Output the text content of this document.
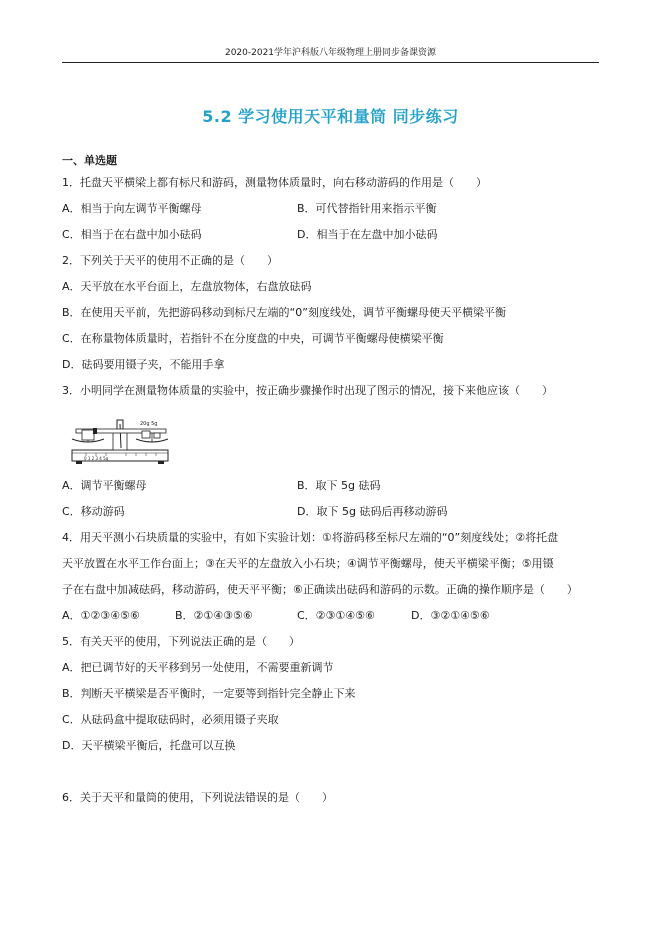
2020-2021学年沪科版八年级物理上册同步备课资源
5.2 学习使用天平和量筒 同步练习
一、单选题
1．托盘天平横梁上都有标尺和游码，测量物体质量时，向右移动游码的作用是（　　）
A．相当于向左调节平衡螺母	B．可代替指针用来指示平衡
C．相当于在右盘中加小砝码	D．相当于在左盘中加小砝码
2．下列关于天平的使用不正确的是（　　）
A．天平放在水平台面上，左盘放物体，右盘放砝码
B．在使用天平前，先把游码移动到标尺左端的“0”刻度线处，调节平衡螺母使天平横梁平衡
C．在称量物体质量时，若指针不在分度盘的中央，可调节平衡螺母使横梁平衡
D．砝码要用镊子夹，不能用手拿
3．小明同学在测量物体质量的实验中，按正确步骤操作时出现了图示的情况，接下来他应该（　　）
0 1 2 3 4 5g
20g 5g
A．调节平衡螺母	B．取下 5g 砝码
C．移动游码	D．取下 5g 砝码后再移动游码
4．用天平测小石块质量的实验中，有如下实验计划：①将游码移至标尺左端的“0”刻度线处；②将托盘
天平放置在水平工作台面上；③在天平的左盘放入小石块；④调节平衡螺母，使天平横梁平衡；⑤用镊
子在右盘中加减砝码，移动游码，使天平平衡；⑥正确读出砝码和游码的示数。正确的操作顺序是（　　）
A．①②③④⑤⑥	B．②①④③⑤⑥	C．②③①④⑤⑥	D．③②①④⑤⑥
5．有关天平的使用，下列说法正确的是（　　）
A．把已调节好的天平移到另一处使用，不需要重新调节
B．判断天平横梁是否平衡时，一定要等到指针完全静止下来
C．从砝码盒中提取砝码时，必须用镊子夹取
D．天平横梁平衡后，托盘可以互换
6．关于天平和量筒的使用，下列说法错误的是（　　）
